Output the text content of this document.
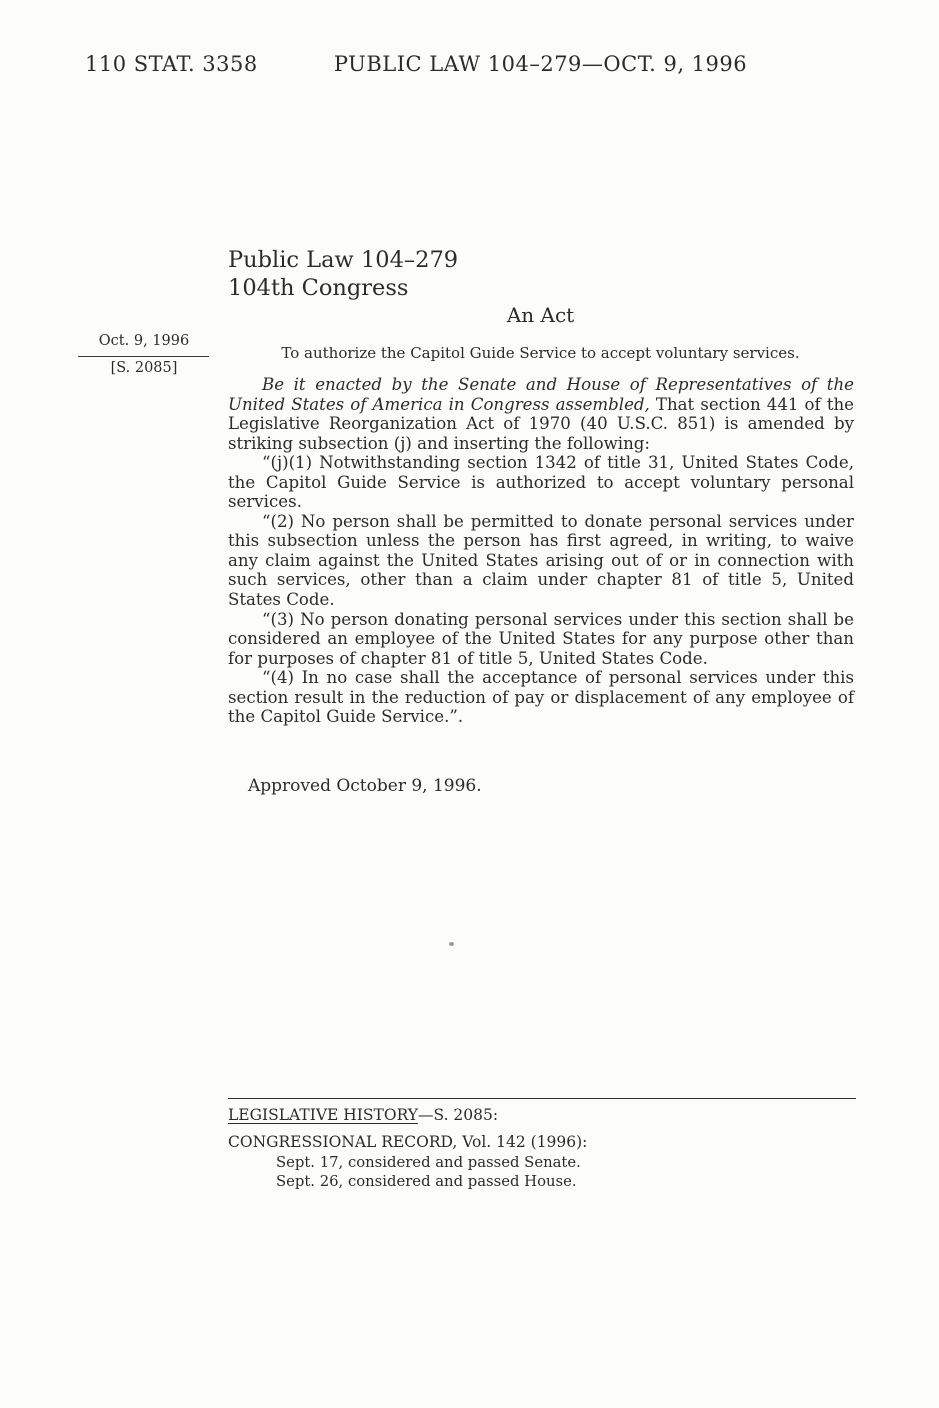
110 STAT. 3358	PUBLIC LAW 104–279—OCT. 9, 1996
Public Law 104–279
104th Congress
An Act
Oct. 9, 1996
[S. 2085]
To authorize the Capitol Guide Service to accept voluntary services.

Be it enacted by the Senate and House of Representatives of the United States of America in Congress assembled, That section 441 of the Legislative Reorganization Act of 1970 (40 U.S.C. 851) is amended by striking subsection (j) and inserting the following:

“(j)(1) Notwithstanding section 1342 of title 31, United States Code, the Capitol Guide Service is authorized to accept voluntary personal services.

“(2) No person shall be permitted to donate personal services under this subsection unless the person has first agreed, in writing, to waive any claim against the United States arising out of or in connection with such services, other than a claim under chapter 81 of title 5, United States Code.

“(3) No person donating personal services under this section shall be considered an employee of the United States for any purpose other than for purposes of chapter 81 of title 5, United States Code.

“(4) In no case shall the acceptance of personal services under this section result in the reduction of pay or displacement of any employee of the Capitol Guide Service.”.

Approved October 9, 1996.
LEGISLATIVE HISTORY—S. 2085:
CONGRESSIONAL RECORD, Vol. 142 (1996):
Sept. 17, considered and passed Senate.
Sept. 26, considered and passed House.
